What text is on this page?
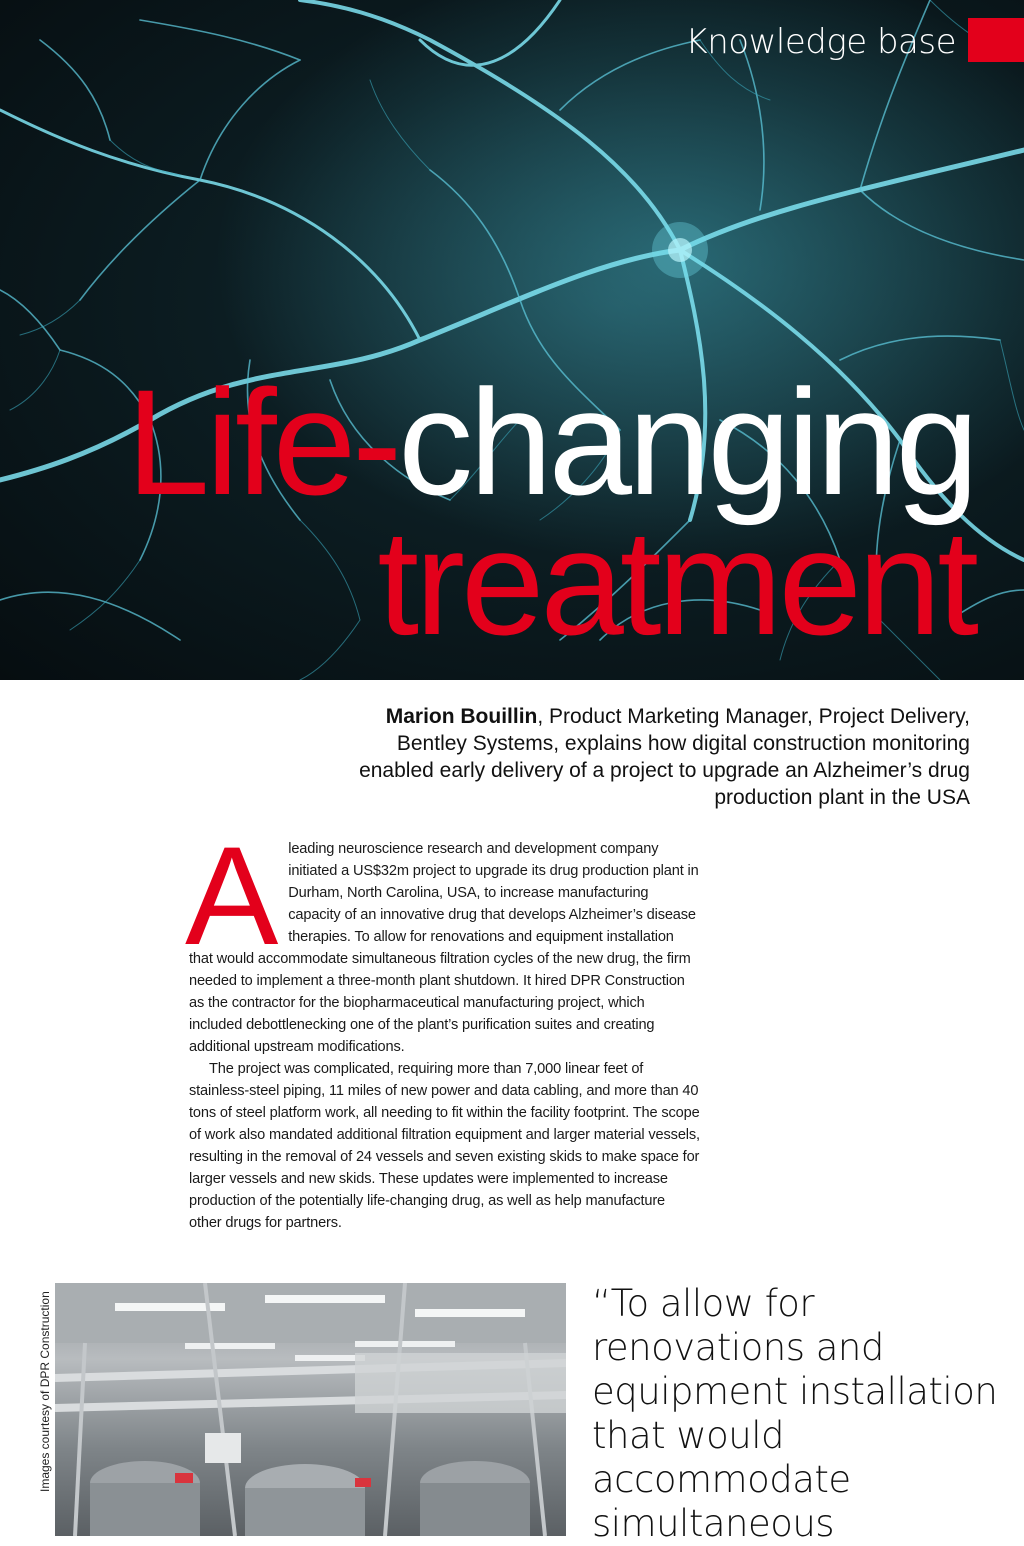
Knowledge base
Life-changing
treatment
Marion Bouillin, Product Marketing Manager, Project Delivery, Bentley Systems, explains how digital construction monitoring enabled early delivery of a project to upgrade an Alzheimer’s drug production plant in the USA

Aleading neuroscience research and development company initiated a US$32m project to upgrade its drug production plant in Durham, North Carolina, USA, to increase manufacturing capacity of an innovative drug that develops Alzheimer’s disease therapies. To allow for renovations and equipment installation that would accommodate simultaneous filtration cycles of the new drug, the firm needed to implement a three-month plant shutdown. It hired DPR Construction as the contractor for the biopharmaceutical manufacturing project, which included debottlenecking one of the plant’s purification suites and creating additional upstream modifications.

The project was complicated, requiring more than 7,000 linear feet of stainless-steel piping, 11 miles of new power and data cabling, and more than 40 tons of steel platform work, all needing to fit within the facility footprint. The scope of work also mandated additional filtration equipment and larger material vessels, resulting in the removal of 24 vessels and seven existing skids to make space for larger vessels and new skids. These updates were implemented to increase production of the potentially life-changing drug, as well as help manufacture other drugs for partners.

Images courtesy of DPR Construction	“To allow for renovations and equipment installation that would accommodate simultaneous
